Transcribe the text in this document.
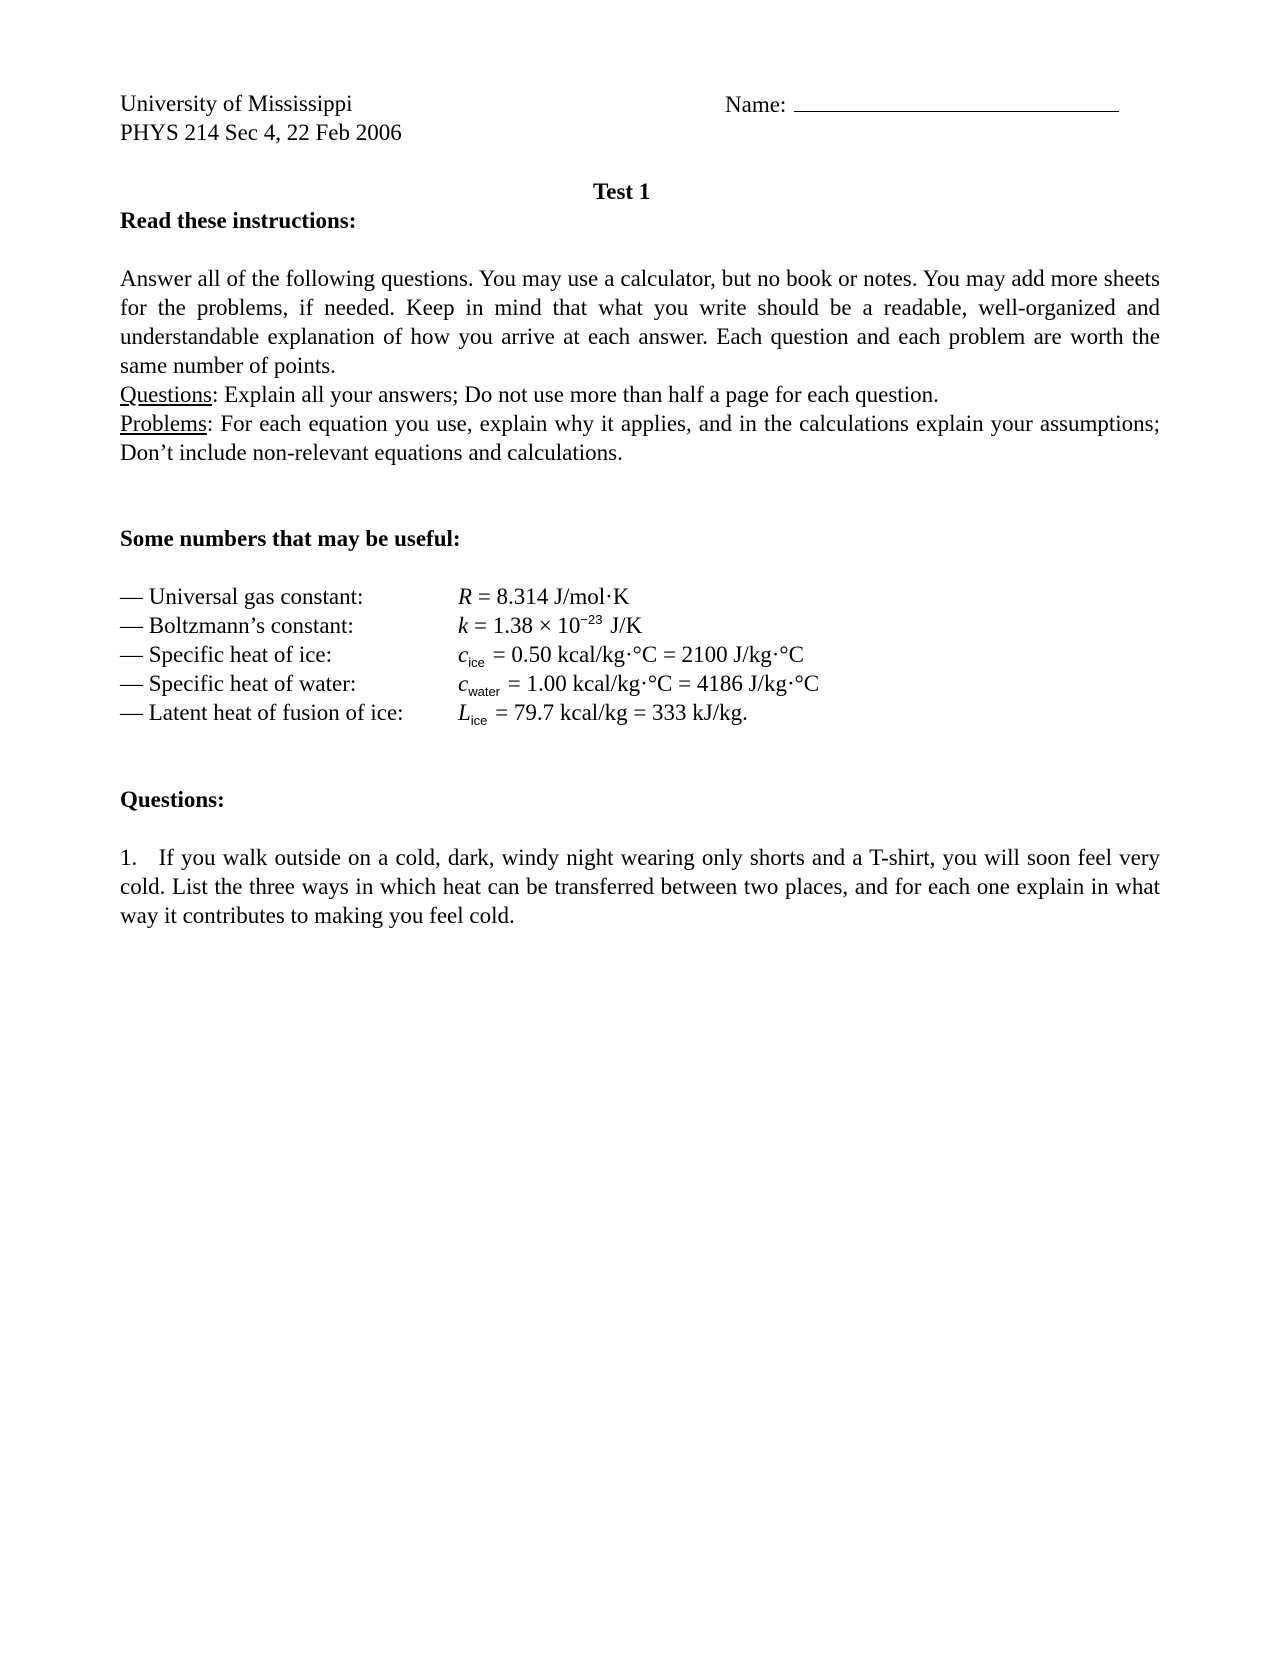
University of Mississippi
PHYS 214 Sec 4, 22 Feb 2006
Name:
Test 1
Read these instructions:
Answer all of the following questions. You may use a calculator, but no book or notes. You may add more sheets for the problems, if needed. Keep in mind that what you write should be a readable, well-organized and understandable explanation of how you arrive at each answer. Each question and each problem are worth the same number of points.
Questions: Explain all your answers; Do not use more than half a page for each question.
Problems: For each equation you use, explain why it applies, and in the calculations explain your assumptions; Don’t include non-relevant equations and calculations.
Some numbers that may be useful:
— Universal gas constant:	R = 8.314 J/mol·K
— Boltzmann’s constant:	$k = 1.38 \times 10^{-23}$ J/K
— Specific heat of ice:	$c_{ice} = 0.50$ kcal/kg·°C = 2100 J/kg·°C
— Specific heat of water:	$c_{water} = 1.00$ kcal/kg·°C = 4186 J/kg·°C
— Latent heat of fusion of ice: $L_{ice} = 79.7$ kcal/kg = 333 kJ/kg.
Questions:
1. If you walk outside on a cold, dark, windy night wearing only shorts and a T-shirt, you will soon feel very cold. List the three ways in which heat can be transferred between two places, and for each one explain in what way it contributes to making you feel cold.
